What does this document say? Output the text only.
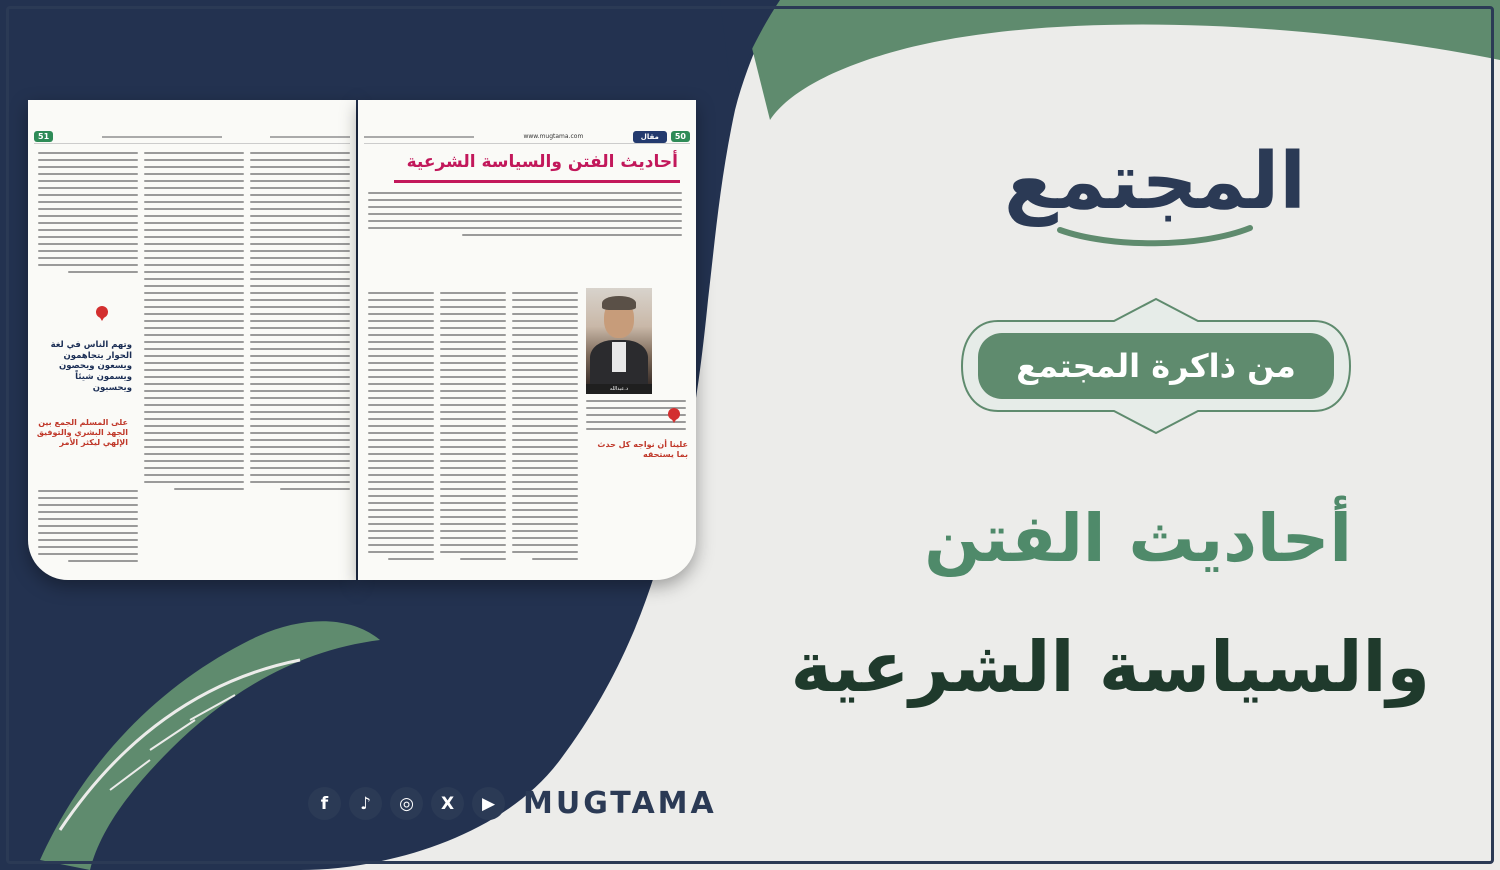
51
وتهم الناس في لغة الحوار يتجاهمون ويسعون ويحصون ويسمون شيئاً ويحسبون
على المسلم الجمع بين الجهد البشري والتوفيق الإلهي ليكثر الأمر
www.mugtama.com	مقال	50
أحاديث الفتن والسياسة الشرعية
د.عبدالله
علينا أن نواجه كل حدث بما يستحقه
المجتمع
من ذاكرة المجتمع
أحاديث الفتن
والسياسة الشرعية
f	♪	◎	X	▶ MUGTAMA
